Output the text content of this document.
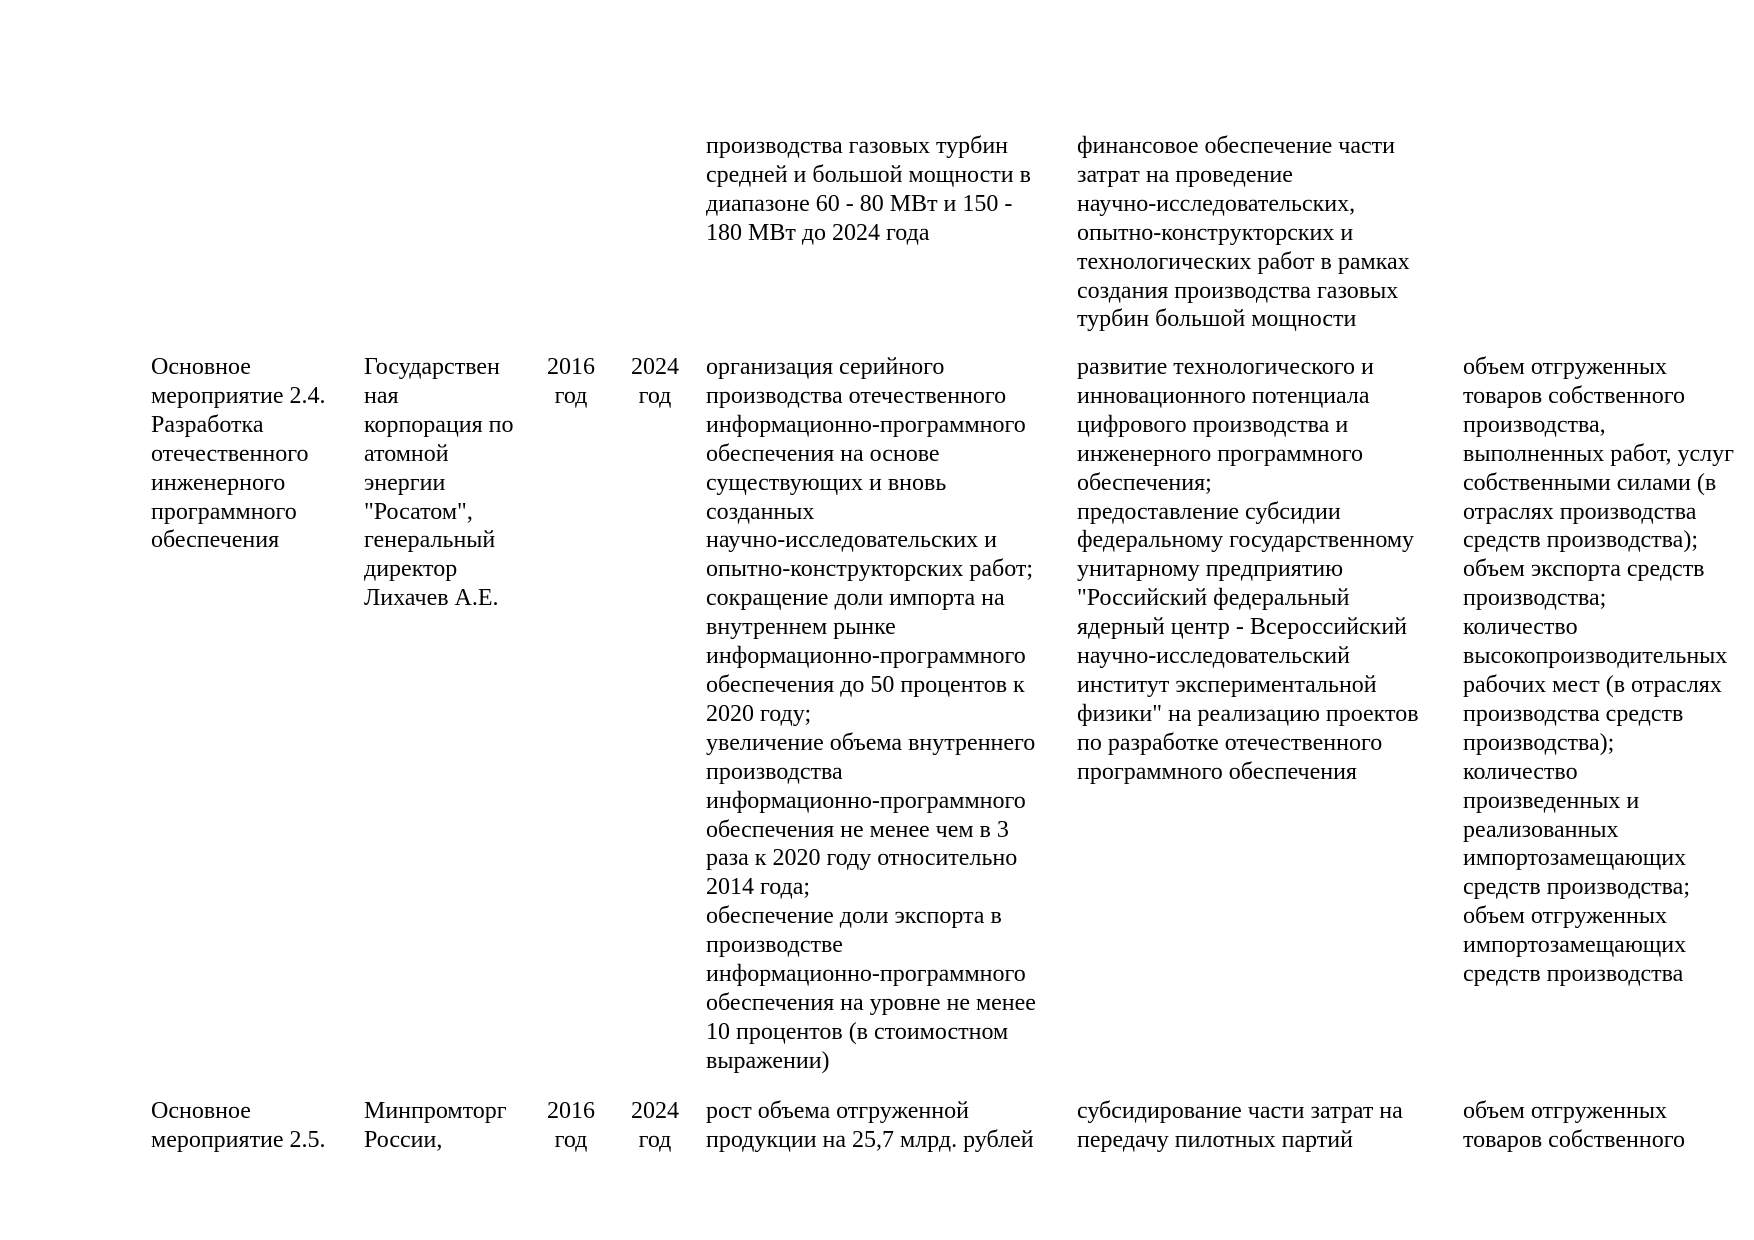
производства газовых турбин
средней и большой мощности в
диапазоне 60 - 80 МВт и 150 -
180 МВт до 2024 года
финансовое обеспечение части
затрат на проведение
научно-исследовательских,
опытно-конструкторских и
технологических работ в рамках
создания производства газовых
турбин большой мощности
Основное
мероприятие 2.4.
Разработка
отечественного
инженерного
программного
обеспечения
Государствен
ная
корпорация по
атомной
энергии
"Росатом",
генеральный
директор
Лихачев А.Е.
2016
год
2024
год
организация серийного
производства отечественного
информационно-программного
обеспечения на основе
существующих и вновь
созданных
научно-исследовательских и
опытно-конструкторских работ;
сокращение доли импорта на
внутреннем рынке
информационно-программного
обеспечения до 50 процентов к
2020 году;
увеличение объема внутреннего
производства
информационно-программного
обеспечения не менее чем в 3
раза к 2020 году относительно
2014 года;
обеспечение доли экспорта в
производстве
информационно-программного
обеспечения на уровне не менее
10 процентов (в стоимостном
выражении)
развитие технологического и
инновационного потенциала
цифрового производства и
инженерного программного
обеспечения;
предоставление субсидии
федеральному государственному
унитарному предприятию
"Российский федеральный
ядерный центр - Всероссийский
научно-исследовательский
институт экспериментальной
физики" на реализацию проектов
по разработке отечественного
программного обеспечения
объем отгруженных
товаров собственного
производства,
выполненных работ, услуг
собственными силами (в
отраслях производства
средств производства);
объем экспорта средств
производства;
количество
высокопроизводительных
рабочих мест (в отраслях
производства средств
производства);
количество
произведенных и
реализованных
импортозамещающих
средств производства;
объем отгруженных
импортозамещающих
средств производства
Основное
мероприятие 2.5.
Минпромторг
России,
2016
год
2024
год
рост объема отгруженной
продукции на 25,7 млрд. рублей
субсидирование части затрат на
передачу пилотных партий
объем отгруженных
товаров собственного
